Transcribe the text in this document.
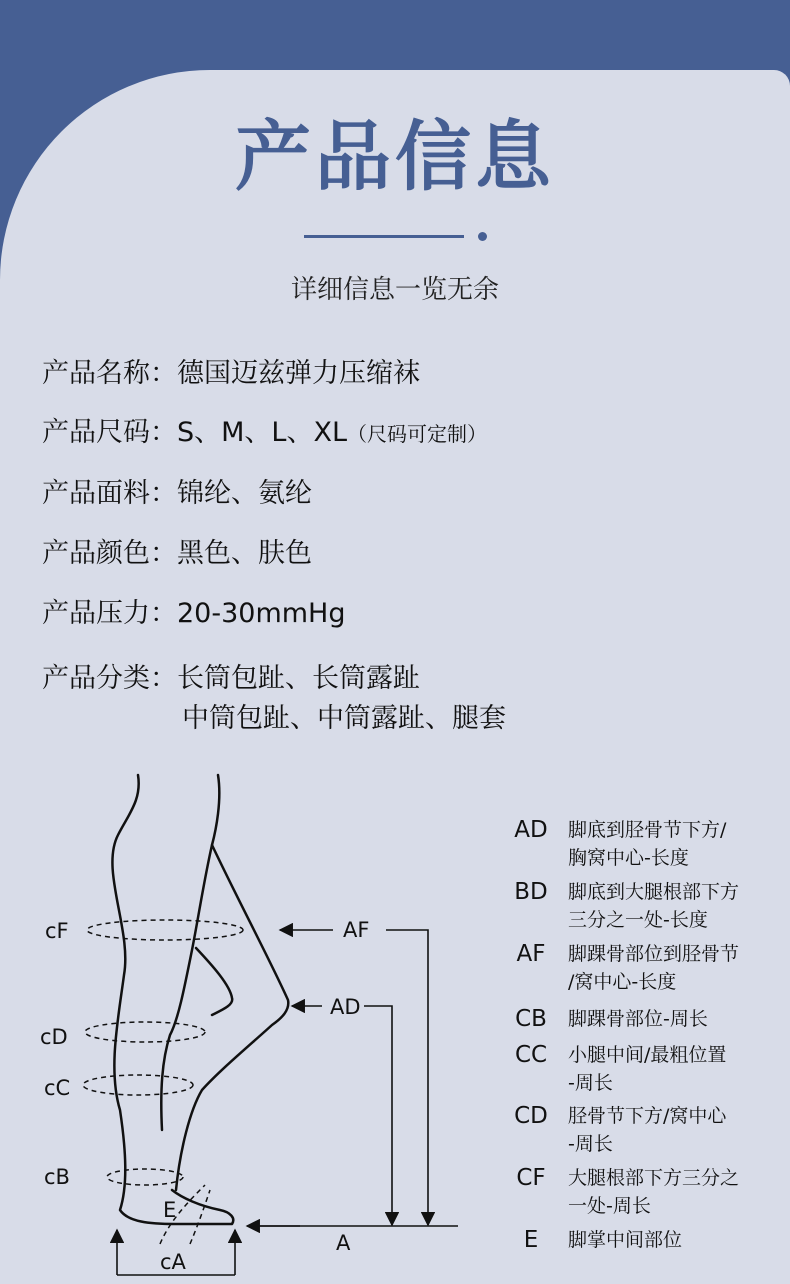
产品信息
详细信息一览无余
产品名称：德国迈兹弹力压缩袜
产品尺码：S、M、L、XL（尺码可定制）
产品面料：锦纶、氨纶
产品颜色：黑色、肤色
产品压力：20-30mmHg
产品分类：长筒包趾、长筒露趾
中筒包趾、中筒露趾、腿套
cF
cD
cC
cB
E
cA
AF
AD
A
AD	脚底到胫骨节下方/
胸窝中心-长度
BD	脚底到大腿根部下方
三分之一处-长度
AF	脚踝骨部位到胫骨节
/窝中心-长度
CB	脚踝骨部位-周长
CC	小腿中间/最粗位置
-周长
CD	胫骨节下方/窝中心
-周长
CF	大腿根部下方三分之
一处-周长
E	脚掌中间部位
